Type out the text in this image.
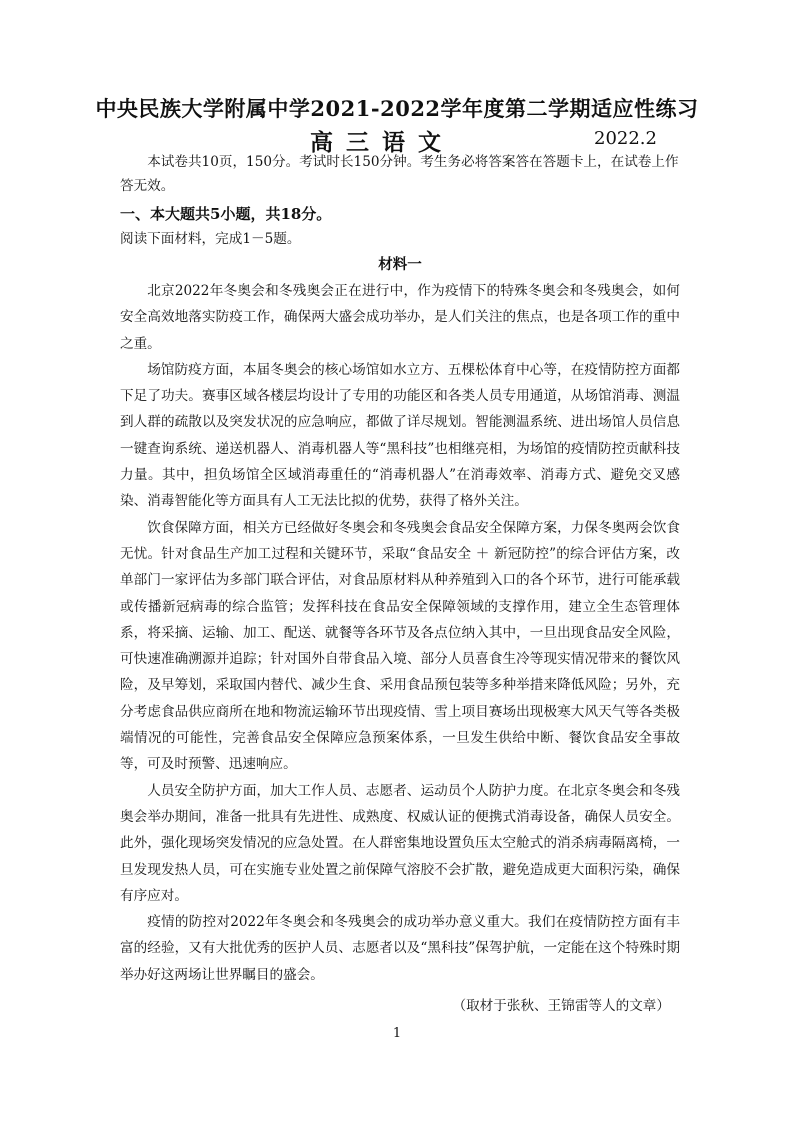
中央民族大学附属中学2021-2022学年度第二学期适应性练习
高三语文	2022.2

本试卷共10页，150分。考试时长150分钟。考生务必将答案答在答题卡上，在试卷上作答无效。

一、本大题共5小题，共18分。

阅读下面材料，完成1－5题。

材料一

北京2022年冬奥会和冬残奥会正在进行中，作为疫情下的特殊冬奥会和冬残奥会，如何安全高效地落实防疫工作，确保两大盛会成功举办，是人们关注的焦点，也是各项工作的重中之重。

场馆防疫方面，本届冬奥会的核心场馆如水立方、五棵松体育中心等，在疫情防控方面都下足了功夫。赛事区域各楼层均设计了专用的功能区和各类人员专用通道，从场馆消毒、测温到人群的疏散以及突发状况的应急响应，都做了详尽规划。智能测温系统、进出场馆人员信息一键查询系统、递送机器人、消毒机器人等“黑科技”也相继亮相，为场馆的疫情防控贡献科技力量。其中，担负场馆全区域消毒重任的“消毒机器人”在消毒效率、消毒方式、避免交叉感染、消毒智能化等方面具有人工无法比拟的优势，获得了格外关注。

饮食保障方面，相关方已经做好冬奥会和冬残奥会食品安全保障方案，力保冬奥两会饮食无忧。针对食品生产加工过程和关键环节，采取“食品安全 ＋ 新冠防控”的综合评估方案，改单部门一家评估为多部门联合评估，对食品原材料从种养殖到入口的各个环节，进行可能承载或传播新冠病毒的综合监管；发挥科技在食品安全保障领域的支撑作用，建立全生态管理体系，将采摘、运输、加工、配送、就餐等各环节及各点位纳入其中，一旦出现食品安全风险，可快速准确溯源并追踪；针对国外自带食品入境、部分人员喜食生冷等现实情况带来的餐饮风险，及早筹划，采取国内替代、减少生食、采用食品预包装等多种举措来降低风险；另外，充分考虑食品供应商所在地和物流运输环节出现疫情、雪上项目赛场出现极寒大风天气等各类极端情况的可能性，完善食品安全保障应急预案体系，一旦发生供给中断、餐饮食品安全事故等，可及时预警、迅速响应。

人员安全防护方面，加大工作人员、志愿者、运动员个人防护力度。在北京冬奥会和冬残奥会举办期间，准备一批具有先进性、成熟度、权威认证的便携式消毒设备，确保人员安全。此外，强化现场突发情况的应急处置。在人群密集地设置负压太空舱式的消杀病毒隔离椅，一旦发现发热人员，可在实施专业处置之前保障气溶胶不会扩散，避免造成更大面积污染，确保有序应对。

疫情的防控对2022年冬奥会和冬残奥会的成功举办意义重大。我们在疫情防控方面有丰富的经验，又有大批优秀的医护人员、志愿者以及“黑科技”保驾护航，一定能在这个特殊时期举办好这两场让世界瞩目的盛会。

（取材于张秋、王锦雷等人的文章）

1
